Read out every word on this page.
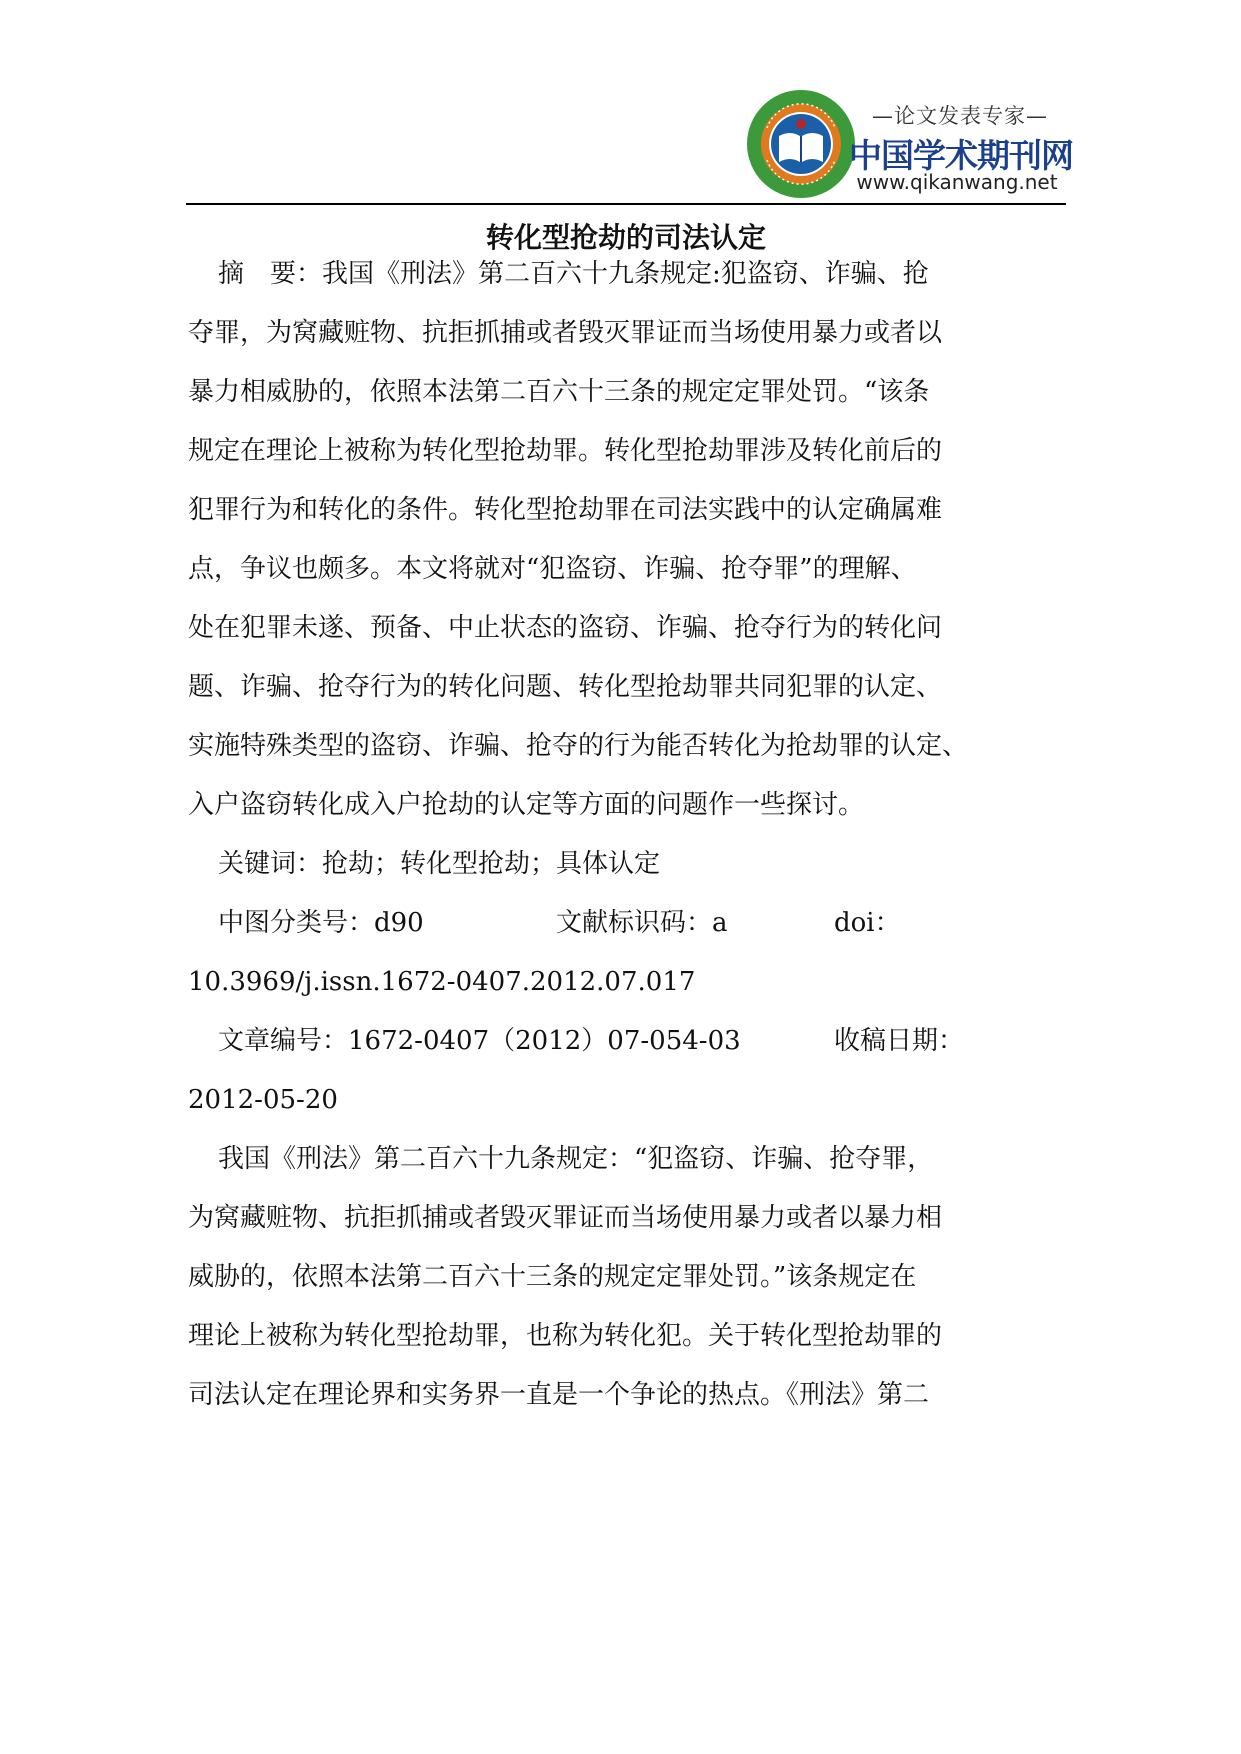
—论文发表专家—
中国学术期刊网
www.qikanwang.net
转化型抢劫的司法认定

摘　要：我国《刑法》第二百六十九条规定:犯盗窃、诈骗、抢

夺罪，为窝藏赃物、抗拒抓捕或者毁灭罪证而当场使用暴力或者以

暴力相威胁的，依照本法第二百六十三条的规定定罪处罚。“该条

规定在理论上被称为转化型抢劫罪。转化型抢劫罪涉及转化前后的

犯罪行为和转化的条件。转化型抢劫罪在司法实践中的认定确属难

点，争议也颇多。本文将就对“犯盗窃、诈骗、抢夺罪”的理解、

处在犯罪未遂、预备、中止状态的盗窃、诈骗、抢夺行为的转化问

题、诈骗、抢夺行为的转化问题、转化型抢劫罪共同犯罪的认定、

实施特殊类型的盗窃、诈骗、抢夺的行为能否转化为抢劫罪的认定、

入户盗窃转化成入户抢劫的认定等方面的问题作一些探讨。

关键词：抢劫；转化型抢劫；具体认定

中图分类号：d90	文献标识码：a	doi：

10.3969/j.issn.1672-0407.2012.07.017

文章编号：1672-0407（2012）07-054-03	收稿日期：

2012-05-20

我国《刑法》第二百六十九条规定：“犯盗窃、诈骗、抢夺罪，

为窝藏赃物、抗拒抓捕或者毁灭罪证而当场使用暴力或者以暴力相

威胁的，依照本法第二百六十三条的规定定罪处罚。”该条规定在

理论上被称为转化型抢劫罪，也称为转化犯。关于转化型抢劫罪的

司法认定在理论界和实务界一直是一个争论的热点。《刑法》第二
